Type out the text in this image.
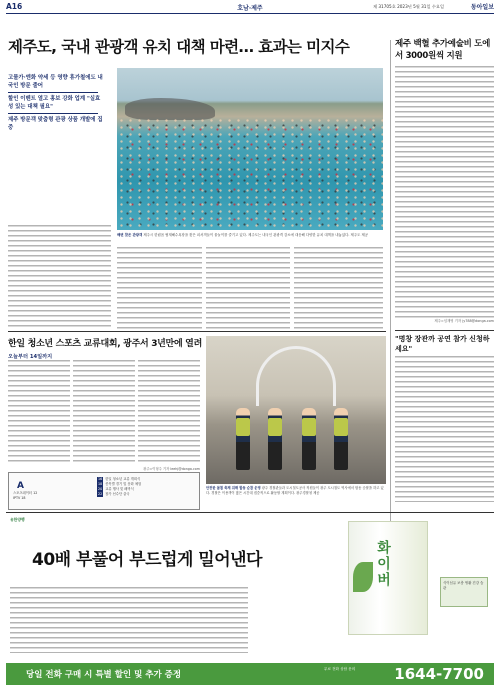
A16	호남·제주	제 31705호 2023년 5월 31일 수요일	동아일보
제주도, 국내 관광객 유치 대책 마련… 효과는 미지수
고물가·엔화 약세 등 영향 휴가철에도 내국인 방문 줄어
할인 이벤트 열고 홍보 강화 업계 "실효성 있는 대책 필요"
제주 방문객 맞춤형 관광 상품 개발에 집중
해변 찾은 관광객 제주시 한림읍 협재해수욕장을 찾은 피서객들이 물놀이를 즐기고 있다. 제주도는 내국인 관광객 감소에 대응해 다양한 유치 대책을 내놓았다. 제주도 제공
제주 백혈 추가예술비 도에서 3000원씩 지원
제주=임재영 기자 jy788@donga.com
"명창 장관까 공연 참가 신청하세요"
한일 청소년 스포츠 교류대회, 광주서 3년만에 열려
오늘부터 14일까지
광주=이형주 기자 leehj@donga.com
A
스포츠데이터 12
IPTV 18
16 한일 청소년 교류 개회식
18 종목별 경기 및 문화 체험
20 교류 행사 및 폐막식
22 참가 선수단 출국
안전한 봄철 축제 위해 합동 순찰 운영 광주 경찰관들과 도시철도공사 직원들이 광주 도시철도 역사에서 합동 순찰을 하고 있다. 경찰은 이용객이 많은 시간대 집중적으로 활동할 계획이다. 광주경찰청 제공
유한양행
40배 부풀어 부드럽게 밀어낸다	화이버	식이섬유 보충 생활 건강 습관
당일 전화 구매 시 특별 할인 및 추가 증정
무료 전화 상담 문의	1644-7700
